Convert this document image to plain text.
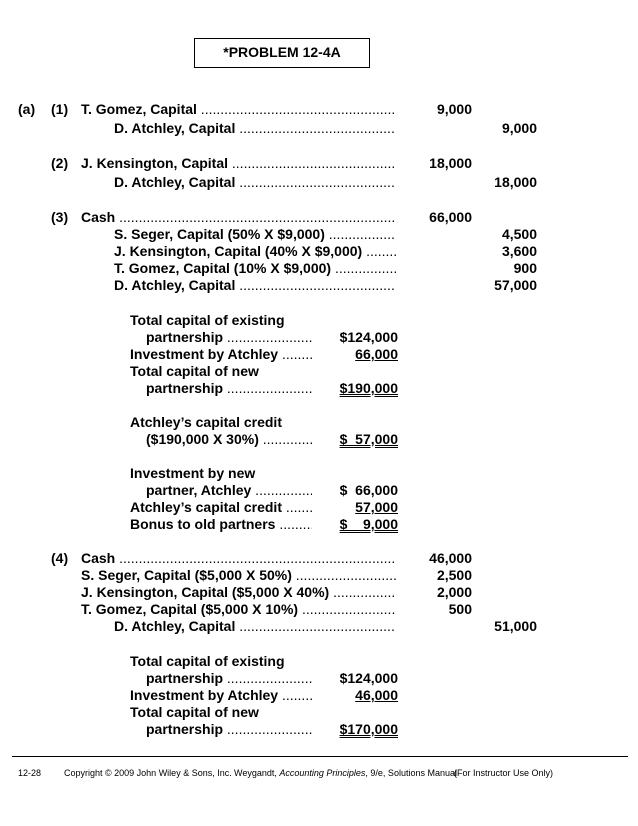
*PROBLEM 12-4A
(a) (1) T. Gomez, Capital .....	9,000
D. Atchley, Capital .....	9,000
(2) J. Kensington, Capital .....	18,000
D. Atchley, Capital .....	18,000
(3) Cash .....	66,000
S. Seger, Capital (50% X $9,000) .....	4,500
J. Kensington, Capital (40% X $9,000) .....	3,600
T. Gomez, Capital (10% X $9,000) .....	900
D. Atchley, Capital .....	57,000
Total capital of existing
partnership .....	$124,000
Investment by Atchley .....	66,000
Total capital of new
partnership .....	$190,000
Atchley’s capital credit
($190,000 X 30%) .....	$  57,000
Investment by new
partner, Atchley .....	$  66,000
Atchley’s capital credit .....	57,000
Bonus to old partners .....	$    9,000
(4) Cash .....	46,000
S. Seger, Capital ($5,000 X 50%) .....	2,500
J. Kensington, Capital ($5,000 X 40%) .....	2,000
T. Gomez, Capital ($5,000 X 10%) .....	500
D. Atchley, Capital .....	51,000
Total capital of existing
partnership .....	$124,000
Investment by Atchley .....	46,000
Total capital of new
partnership .....	$170,000
12-28	Copyright © 2009 John Wiley & Sons, Inc. Weygandt, Accounting Principles, 9/e, Solutions Manual
(For Instructor Use Only)
